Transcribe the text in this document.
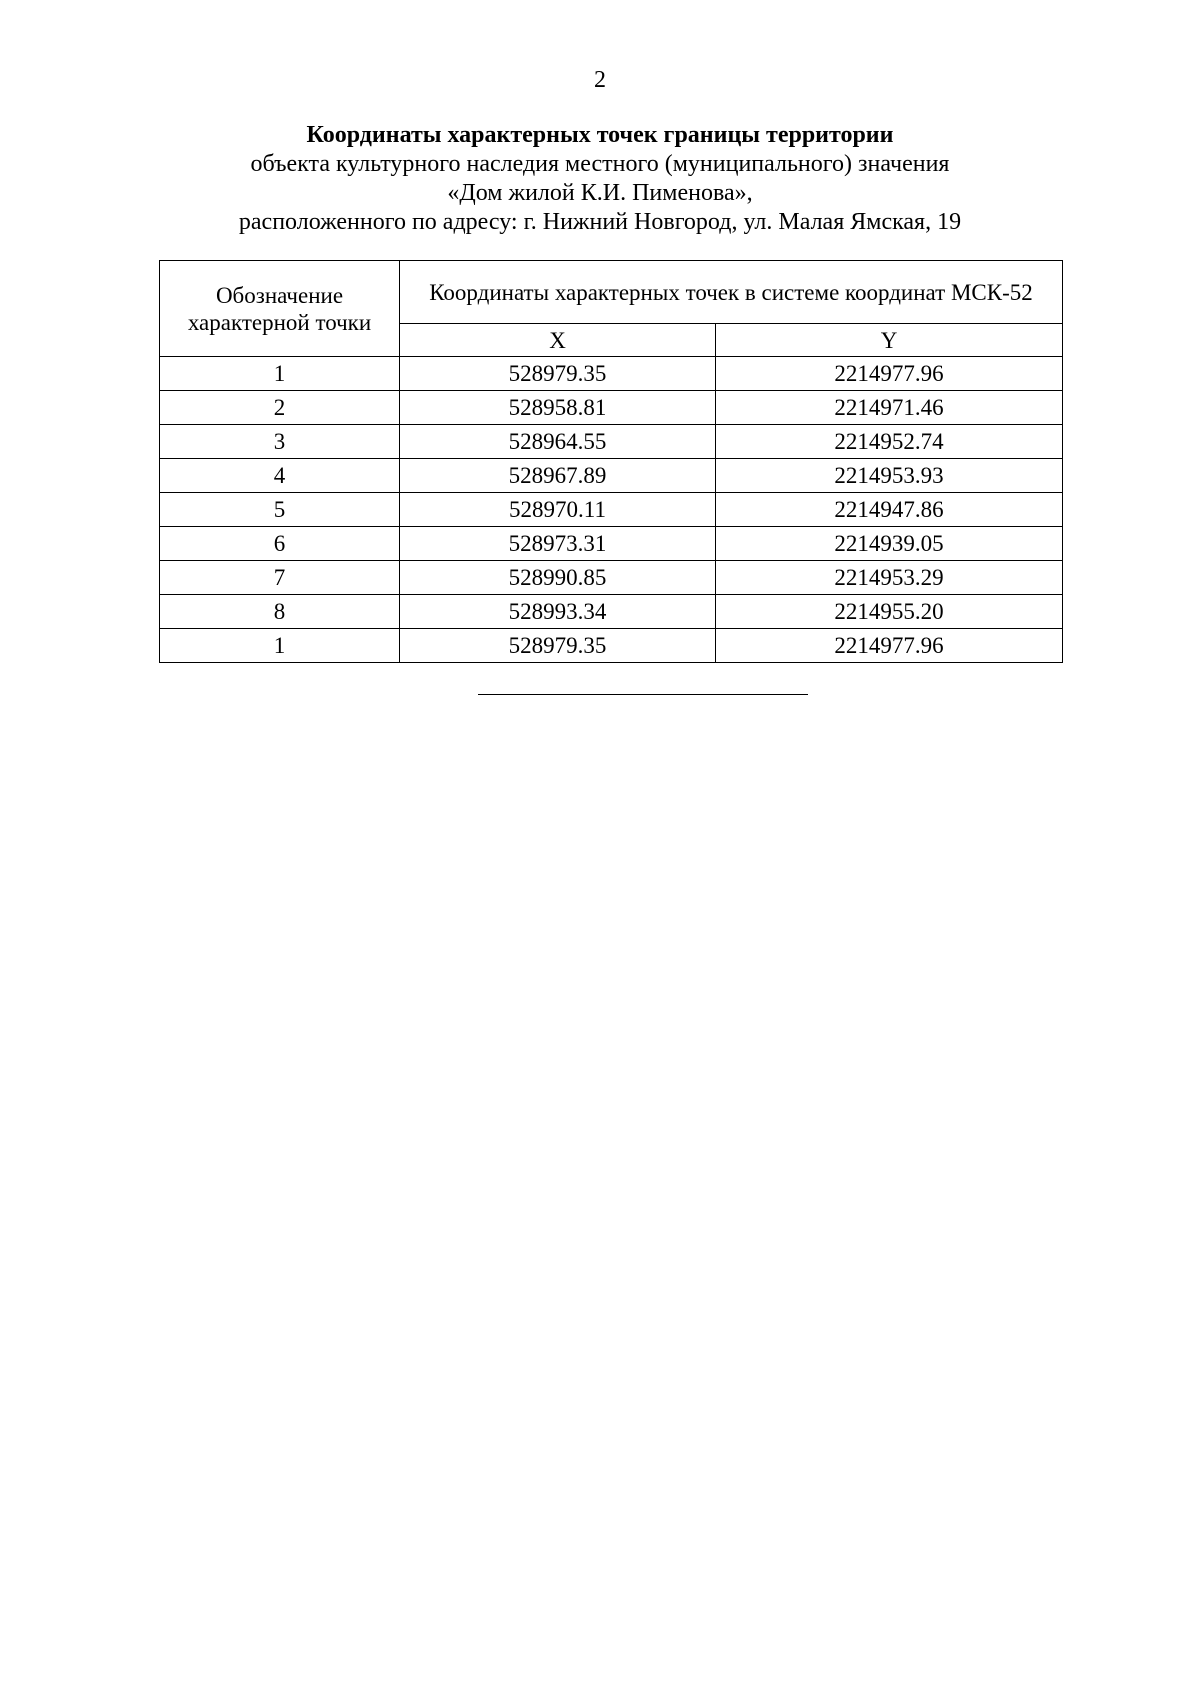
2
Координаты характерных точек границы территории
объекта культурного наследия местного (муниципального) значения
«Дом жилой К.И. Пименова»,
расположенного по адресу: г. Нижний Новгород, ул. Малая Ямская, 19
Обозначение характерной точки	Координаты характерных точек в системе координат МСК-52	
	X	Y
1	528979.35	2214977.96
2	528958.81	2214971.46
3	528964.55	2214952.74
4	528967.89	2214953.93
5	528970.11	2214947.86
6	528973.31	2214939.05
7	528990.85	2214953.29
8	528993.34	2214955.20
1	528979.35	2214977.96
